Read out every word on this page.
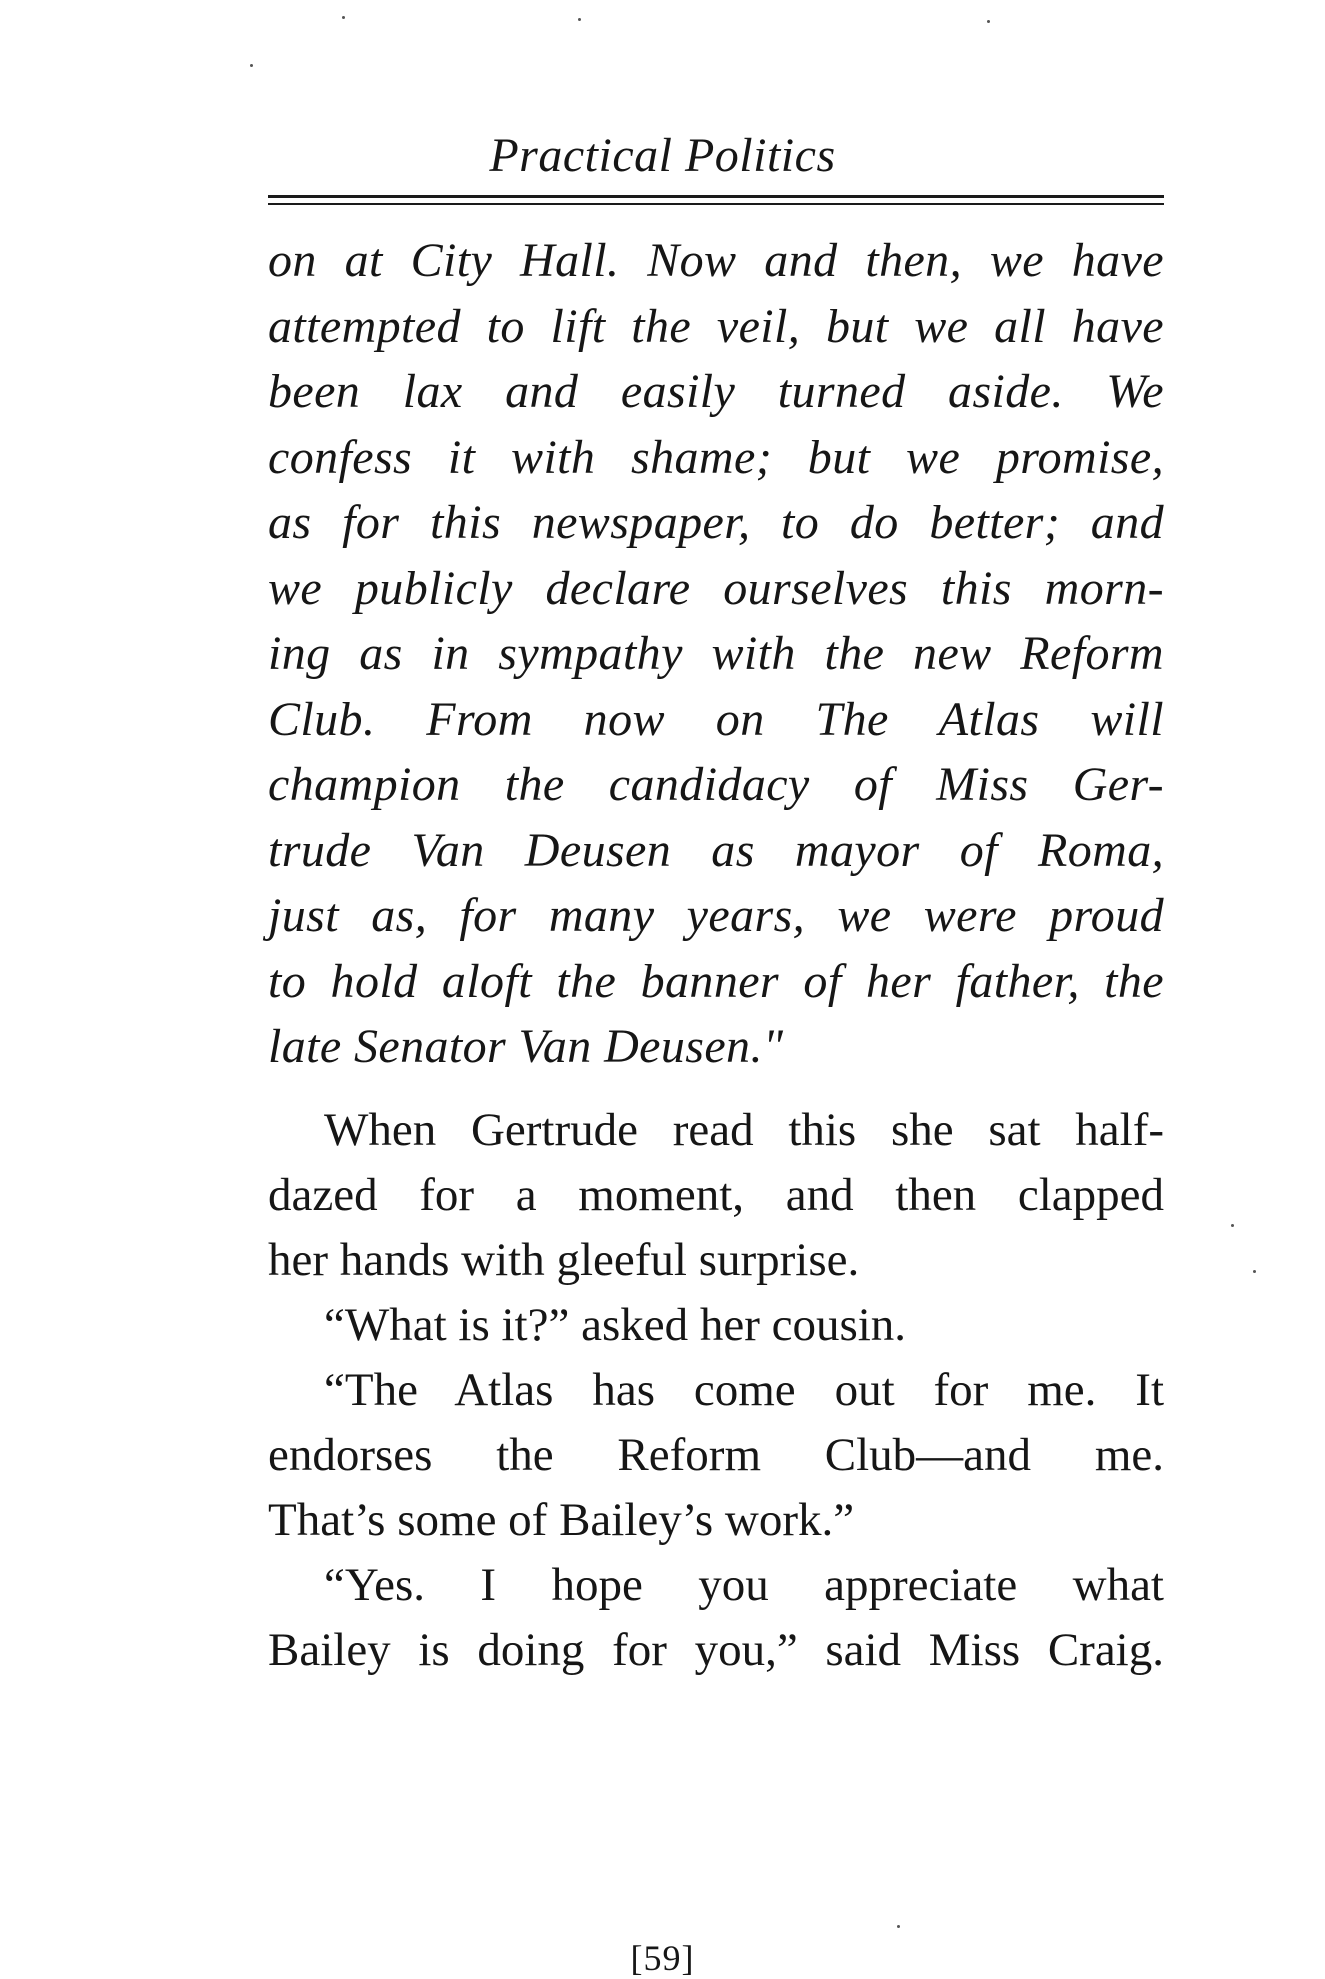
Practical Politics
on at City Hall. Now and then, we have
attempted to lift the veil, but we all have
been lax and easily turned aside. We
confess it with shame; but we promise,
as for this newspaper, to do better; and
we publicly declare ourselves this morn-
ing as in sympathy with the new Reform
Club. From now on The Atlas will
champion the candidacy of Miss Ger-
trude Van Deusen as mayor of Roma,
just as, for many years, we were proud
to hold aloft the banner of her father, the
late Senator Van Deusen."
When Gertrude read this she sat half-
dazed for a moment, and then clapped
her hands with gleeful surprise.
“What is it?” asked her cousin.
“The Atlas has come out for me. It
endorses the Reform Club—and me.
That’s some of Bailey’s work.”
“Yes. I hope you appreciate what
Bailey is doing for you,” said Miss Craig.
[59]
